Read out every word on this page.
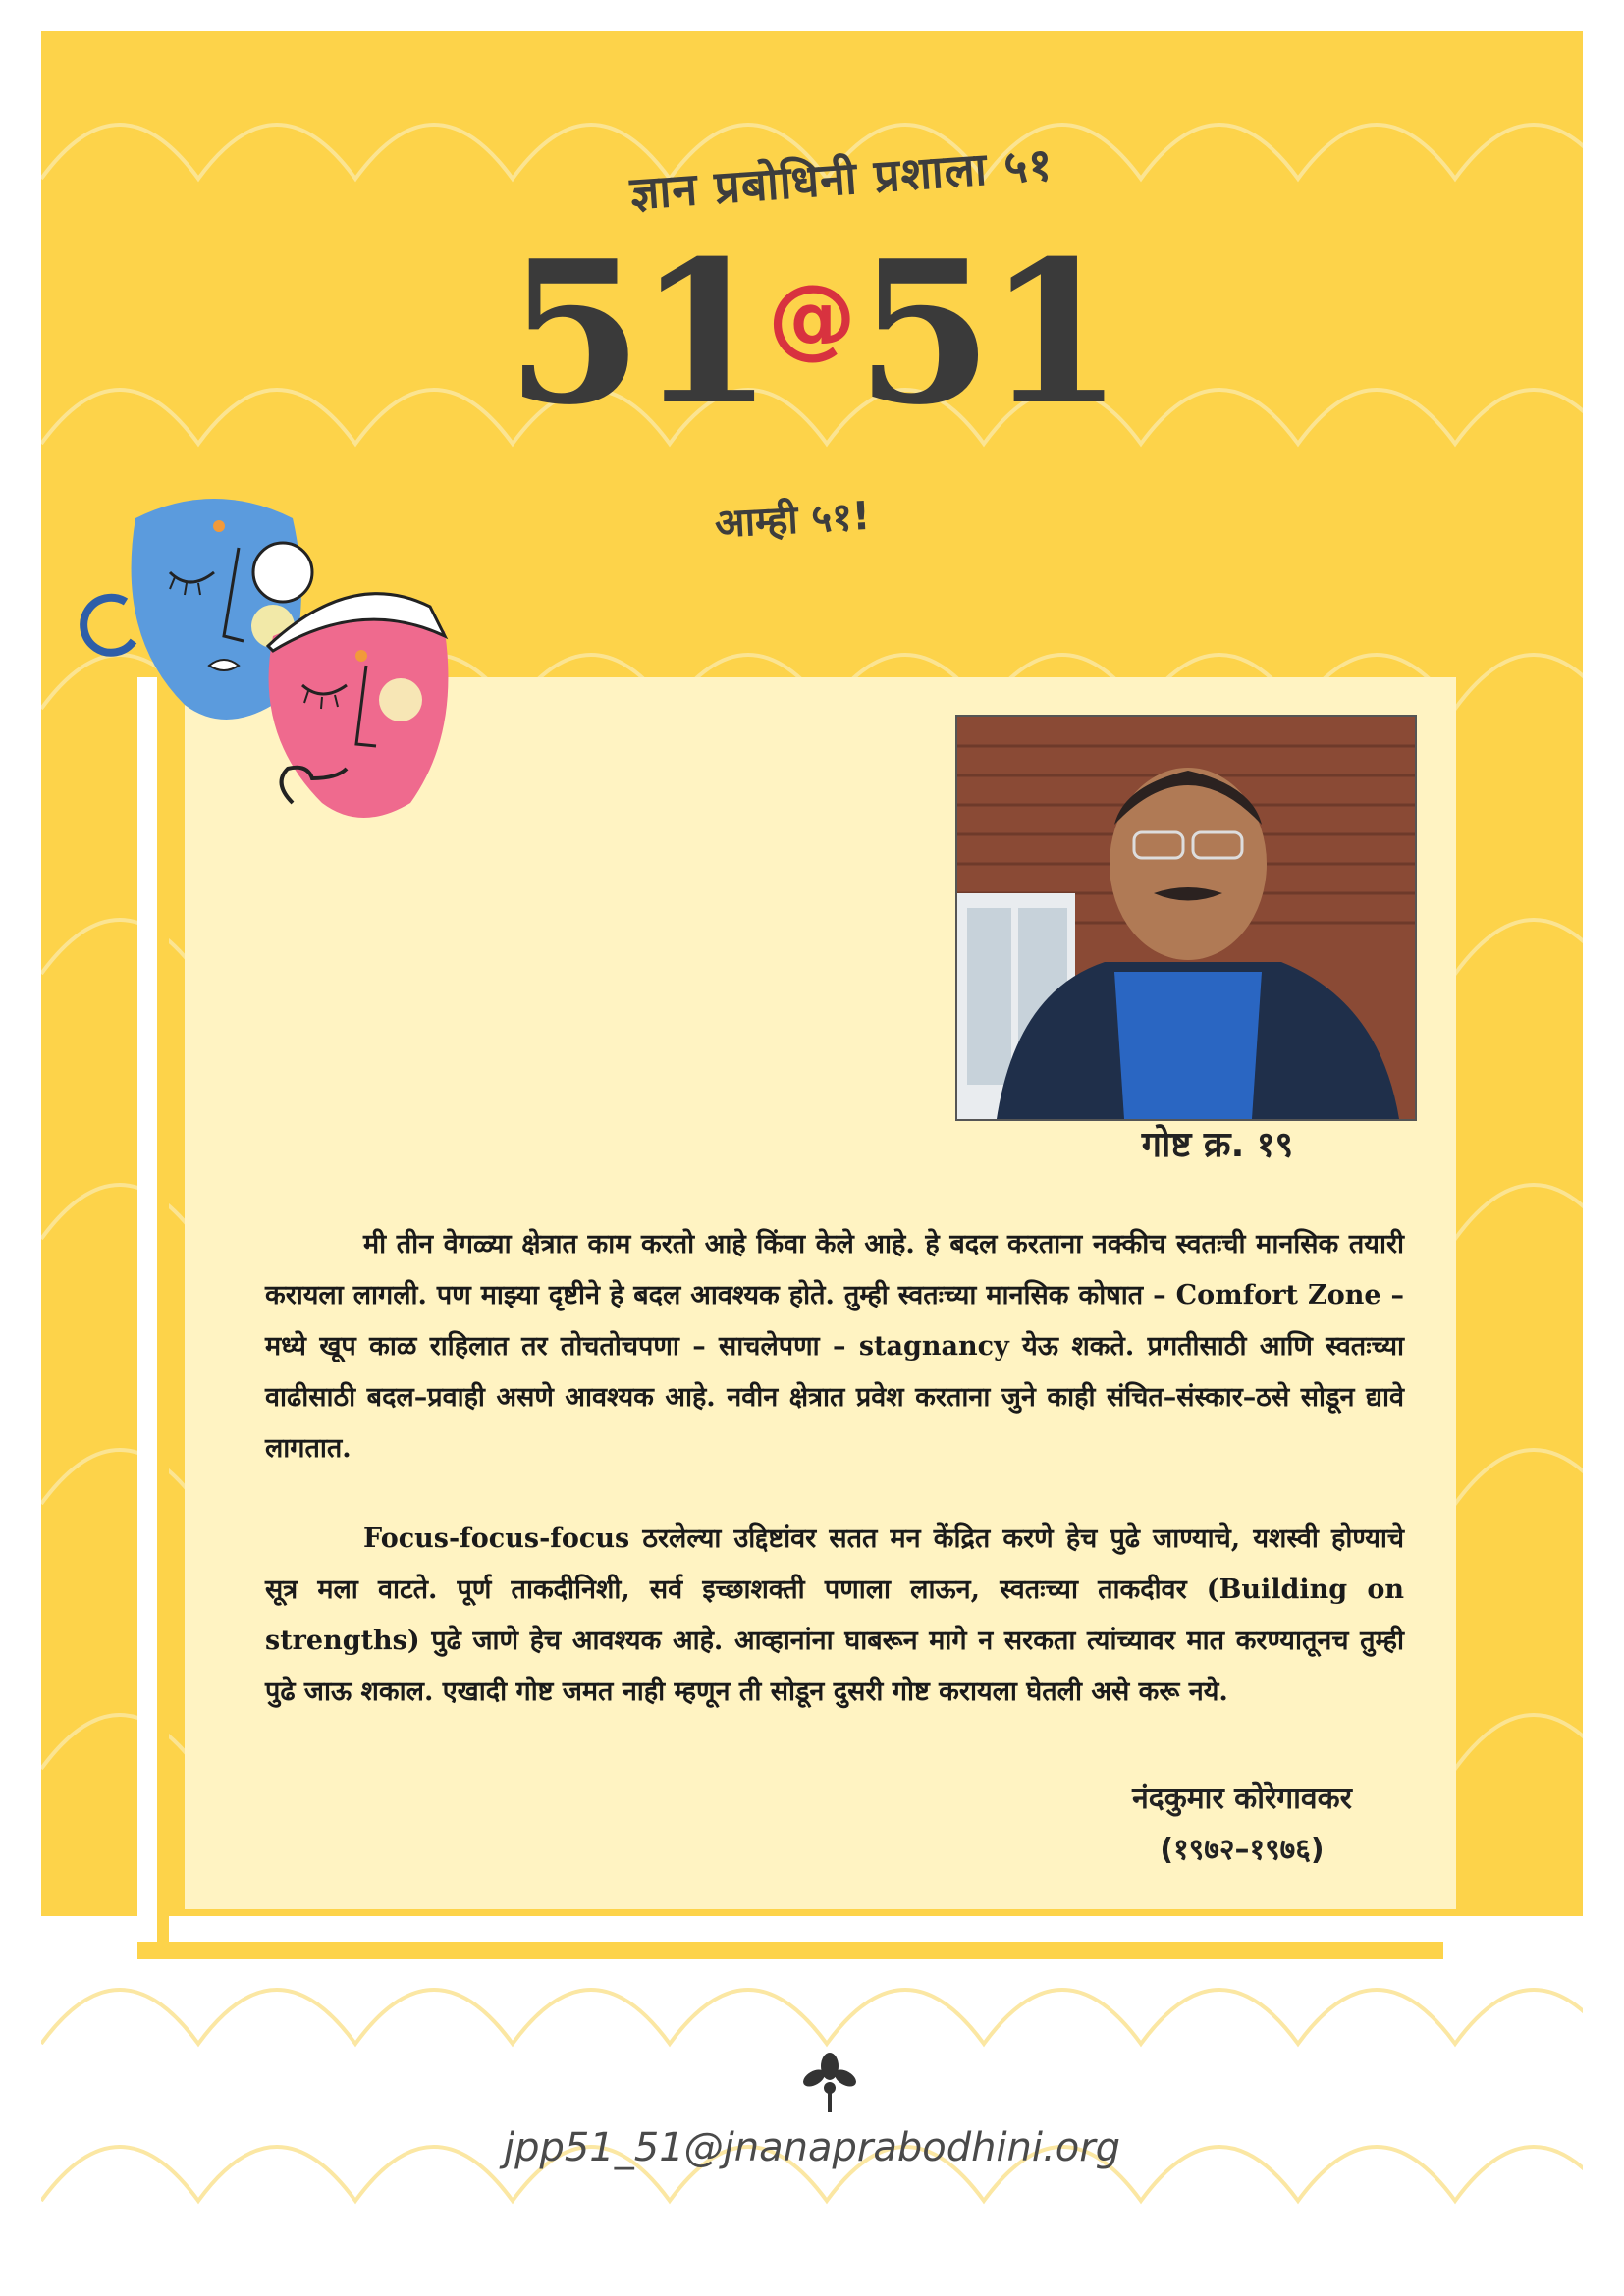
ज्ञान प्रबोधिनी प्रशाला ५१
51@51
आम्ही ५१!
गोष्ट क्र. १९

मी तीन वेगळ्या क्षेत्रात काम करतो आहे किंवा केले आहे. हे बदल करताना नक्कीच स्वतःची मानसिक तयारी करायला लागली. पण माझ्या दृष्टीने हे बदल आवश्यक होते. तुम्ही स्वतःच्या मानसिक कोषात – Comfort Zone – मध्ये खूप काळ राहिलात तर तोचतोचपणा – साचलेपणा – stagnancy येऊ शकते. प्रगतीसाठी आणि स्वतःच्या वाढीसाठी बदल–प्रवाही असणे आवश्यक आहे. नवीन क्षेत्रात प्रवेश करताना जुने काही संचित–संस्कार–ठसे सोडून द्यावे लागतात.

Focus-focus-focus ठरलेल्या उद्दिष्टांवर सतत मन केंद्रित करणे हेच पुढे जाण्याचे, यशस्वी होण्याचे सूत्र मला वाटते. पूर्ण ताकदीनिशी, सर्व इच्छाशक्ती पणाला लाऊन, स्वतःच्या ताकदीवर (Building on strengths) पुढे जाणे हेच आवश्यक आहे. आव्हानांना घाबरून मागे न सरकता त्यांच्यावर मात करण्यातूनच तुम्ही पुढे जाऊ शकाल. एखादी गोष्ट जमत नाही म्हणून ती सोडून दुसरी गोष्ट करायला घेतली असे करू नये.

नंदकुमार कोरेगावकर
(१९७२–१९७६)
jpp51_51@jnanaprabodhini.org
